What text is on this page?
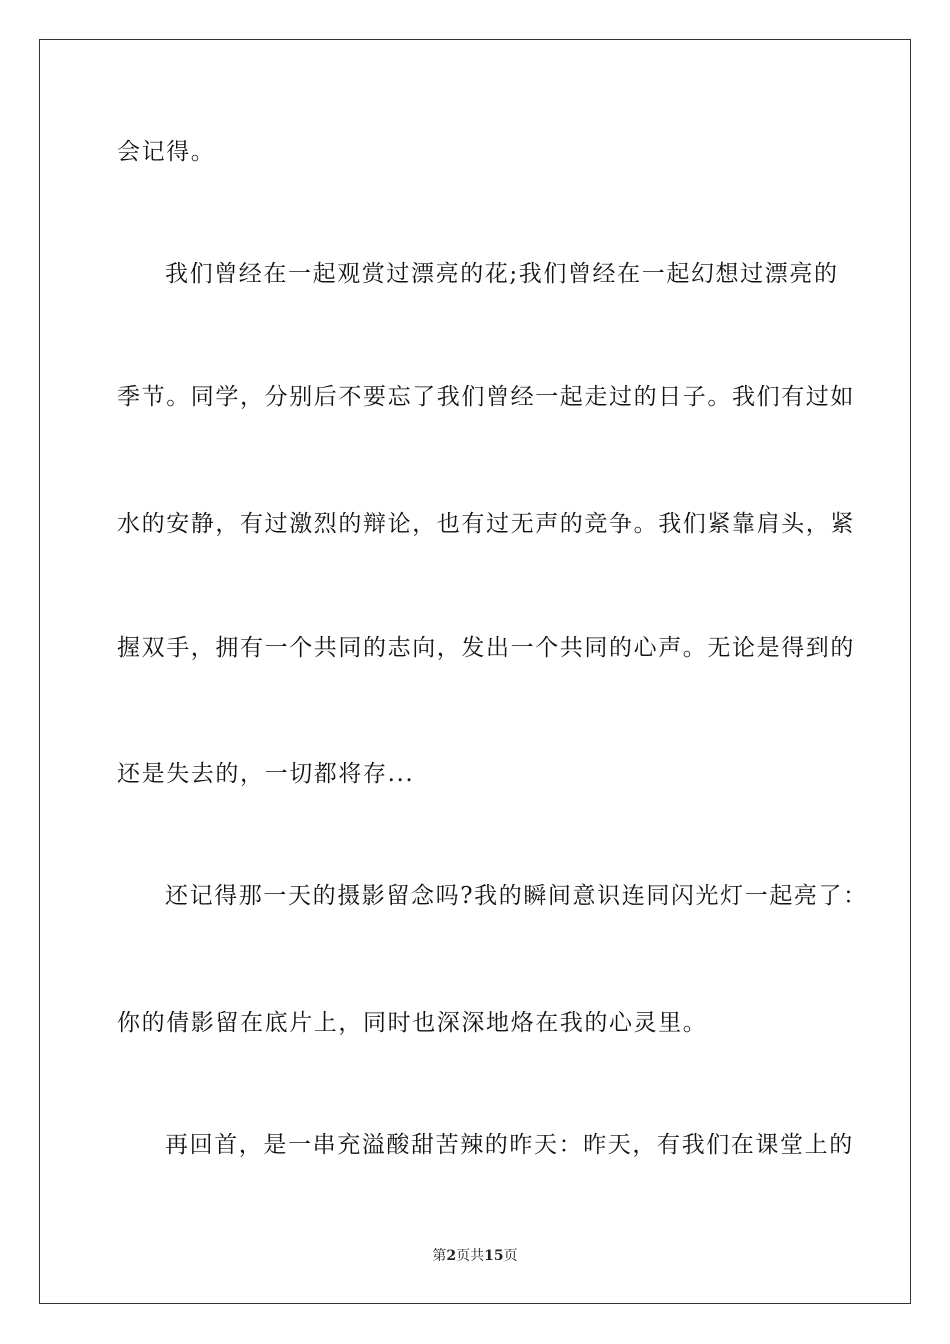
会记得。
我们曾经在一起观赏过漂亮的花;我们曾经在一起幻想过漂亮的
季节。同学，分别后不要忘了我们曾经一起走过的日子。我们有过如
水的安静，有过激烈的辩论，也有过无声的竞争。我们紧靠肩头，紧
握双手，拥有一个共同的志向，发出一个共同的心声。无论是得到的
还是失去的，一切都将存...
还记得那一天的摄影留念吗?我的瞬间意识连同闪光灯一起亮了：
你的倩影留在底片上，同时也深深地烙在我的心灵里。
再回首，是一串充溢酸甜苦辣的昨天：昨天，有我们在课堂上的
第2页共15页
